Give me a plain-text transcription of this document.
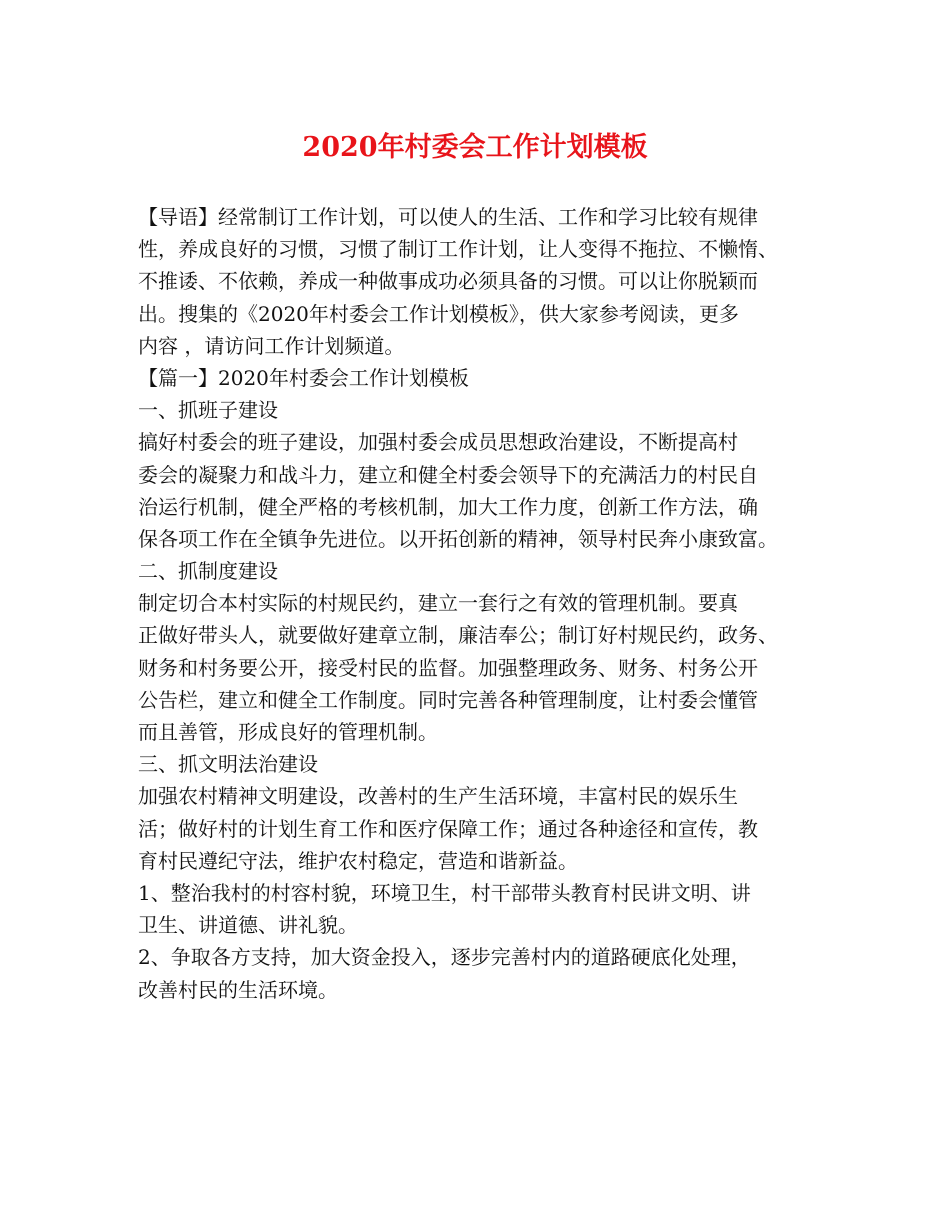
2020年村委会工作计划模板
【导语】经常制订工作计划，可以使人的生活、工作和学习比较有规律
性，养成良好的习惯，习惯了制订工作计划，让人变得不拖拉、不懒惰、
不推诿、不依赖，养成一种做事成功必须具备的习惯。可以让你脱颖而
出。搜集的《2020年村委会工作计划模板》，供大家参考阅读，更多
内容 ，请访问工作计划频道。
【篇一】2020年村委会工作计划模板
一、抓班子建设
搞好村委会的班子建设，加强村委会成员思想政治建设，不断提高村
委会的凝聚力和战斗力，建立和健全村委会领导下的充满活力的村民自
治运行机制，健全严格的考核机制，加大工作力度，创新工作方法，确
保各项工作在全镇争先进位。以开拓创新的精神，领导村民奔小康致富。
二、抓制度建设
制定切合本村实际的村规民约，建立一套行之有效的管理机制。要真
正做好带头人，就要做好建章立制，廉洁奉公；制订好村规民约，政务、
财务和村务要公开，接受村民的监督。加强整理政务、财务、村务公开
公告栏，建立和健全工作制度。同时完善各种管理制度，让村委会懂管
而且善管，形成良好的管理机制。
三、抓文明法治建设
加强农村精神文明建设，改善村的生产生活环境，丰富村民的娱乐生
活；做好村的计划生育工作和医疗保障工作；通过各种途径和宣传，教
育村民遵纪守法，维护农村稳定，营造和谐新益。
1、整治我村的村容村貌，环境卫生，村干部带头教育村民讲文明、讲
卫生、讲道德、讲礼貌。
2、争取各方支持，加大资金投入，逐步完善村内的道路硬底化处理，
改善村民的生活环境。
